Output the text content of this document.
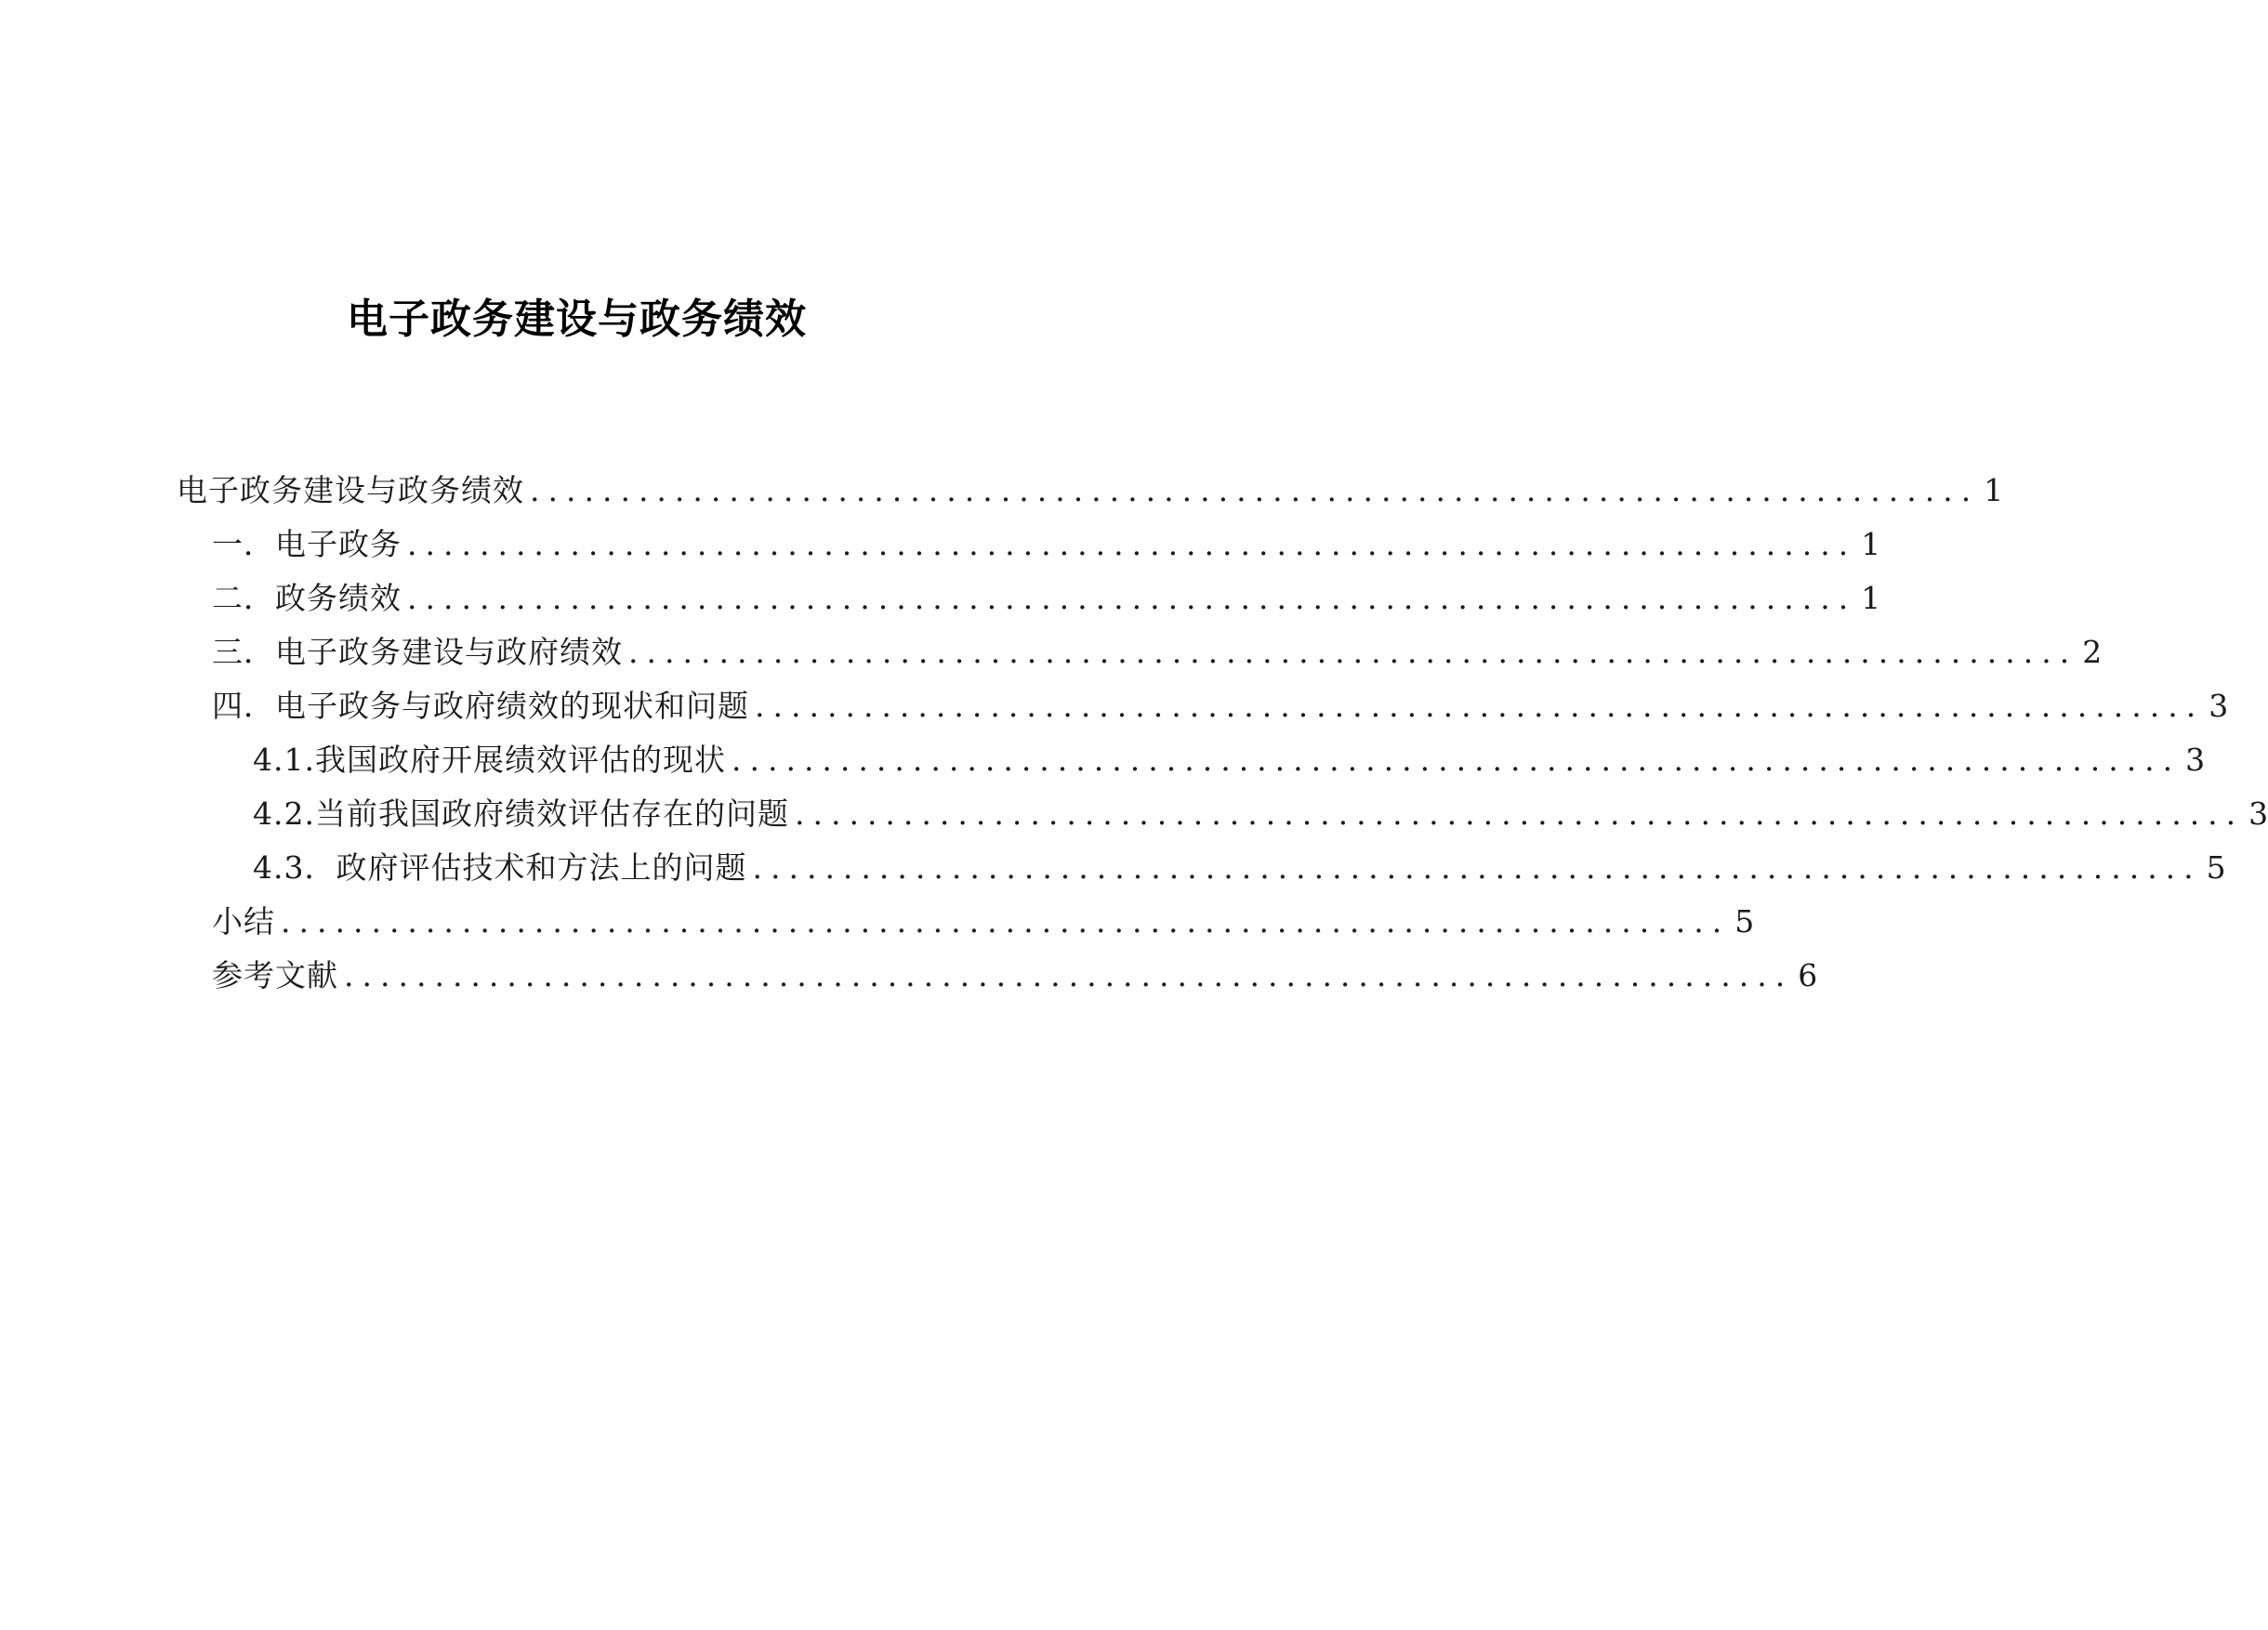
电子政务建设与政务绩效
电子政务建设与政务绩效 ................................................................................ 1
一．电子政务 ................................................................................ 1
二．政务绩效 ................................................................................ 1
三．电子政务建设与政府绩效 ................................................................................ 2
四．电子政务与政府绩效的现状和问题 ................................................................................ 3
4.1.我国政府开展绩效评估的现状 ................................................................................ 3
4.2.当前我国政府绩效评估存在的问题 ................................................................................ 3
4.3．政府评估技术和方法上的问题 ................................................................................ 5
小结 ................................................................................ 5
参考文献 ................................................................................ 6
